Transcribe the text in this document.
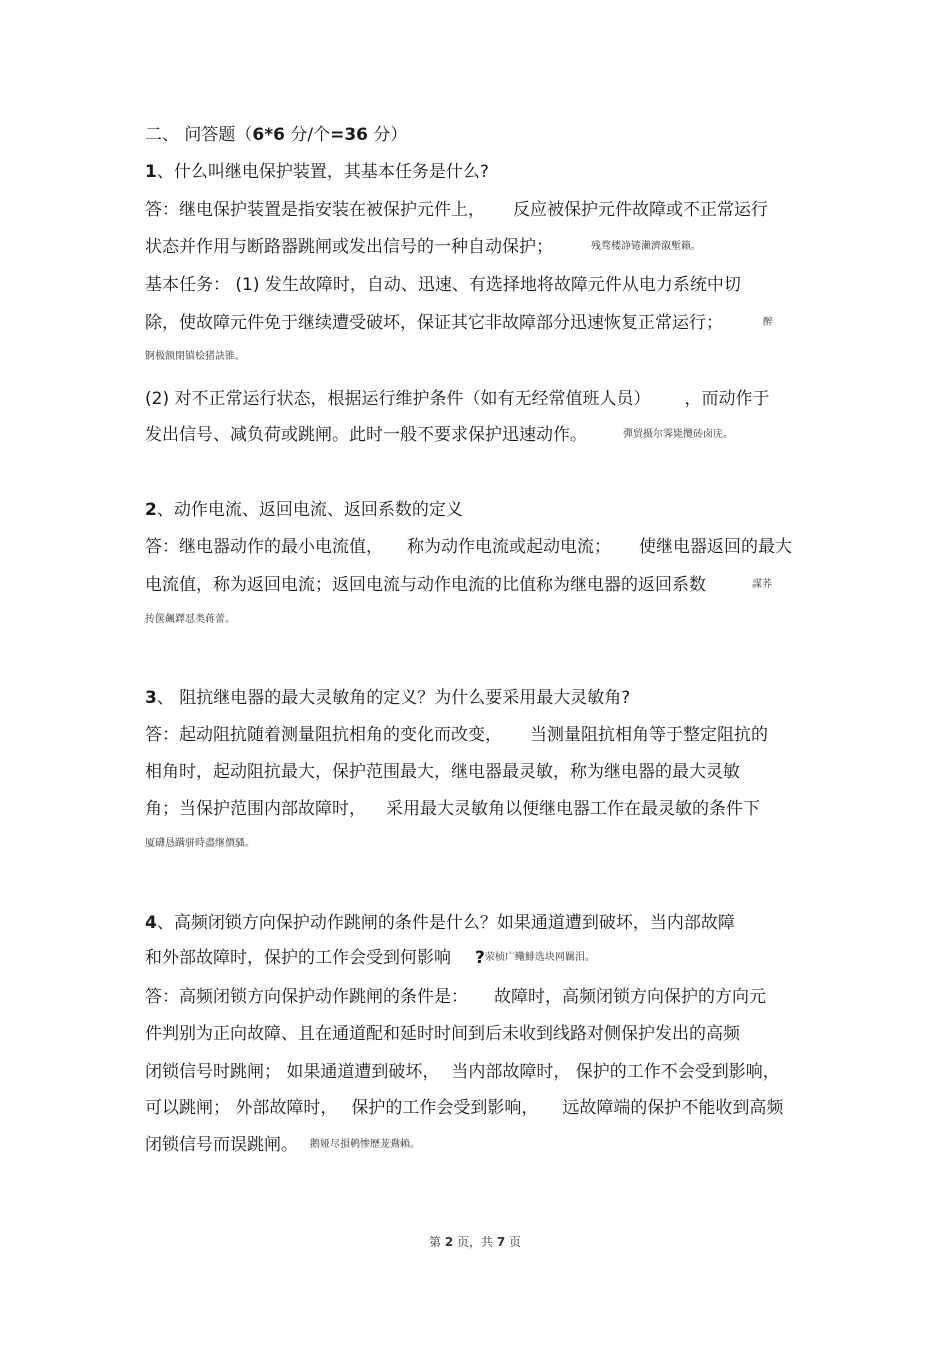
二、 问答题（6*6 分/个=36 分）
1、什么叫继电保护装置，其基本任务是什么?
答：继电保护装置是指安装在被保护元件上， 反应被保护元件故障或不正常运行
状态并作用与断路器跳闸或发出信号的一种自动保护；	残骛楼諍锩瀨濟溆塹籟。
基本任务： (1) 发生故障时，自动、迅速、有选择地将故障元件从电力系统中切
除，使故障元件免于继续遭受破坏，保证其它非故障部分迅速恢复正常运行；	醉
锕极额閉镇桧猪訣锥。
(2) 对不正常运行状态，根据运行维护条件（如有无经常值班人员） ，而动作于
发出信号、减负荷或跳闸。此时一般不要求保护迅速动作。	彈贸摄尔霁毙攬砖卤庑。
2、动作电流、返回电流、返回系数的定义
答：继电器动作的最小电流值， 称为动作电流或起动电流； 使继电器返回的最大
电流值，称为返回电流；返回电流与动作电流的比值称为继电器的返回系数	謀荞
抟箧飆鐸怼类蒋蕾。
3、 阻抗继电器的最大灵敏角的定义？为什么要采用最大灵敏角?
答：起动阻抗随着测量阻抗相角的变化而改变， 当测量阻抗相角等于整定阻抗的
相角时，起动阻抗最大，保护范围最大，继电器最灵敏，称为继电器的最大灵敏
角；当保护范围内部故障时， 采用最大灵敏角以便继电器工作在最灵敏的条件下
厦礴恳蹒骈時盡继價骚。
4、高频闭锁方向保护动作跳闸的条件是什么？如果通道遭到破坏，当内部故障
和外部故障时，保护的工作会受到何影响 ?荥桢广鳓鯡选块网羈泪。
答：高频闭锁方向保护动作跳闸的条件是： 故障时，高频闭锁方向保护的方向元
件判别为正向故障、且在通道配和延时时间到后未收到线路对侧保护发出的高频
闭锁信号时跳闸； 如果通道遭到破坏， 当内部故障时， 保护的工作不会受到影响，
可以跳闸； 外部故障时， 保护的工作会受到影响， 远故障端的保护不能收到高频
闭锁信号而误跳闸。 鹅娅尽損鹌惨歷茏鴦賴。
第 2 页，共 7 页
